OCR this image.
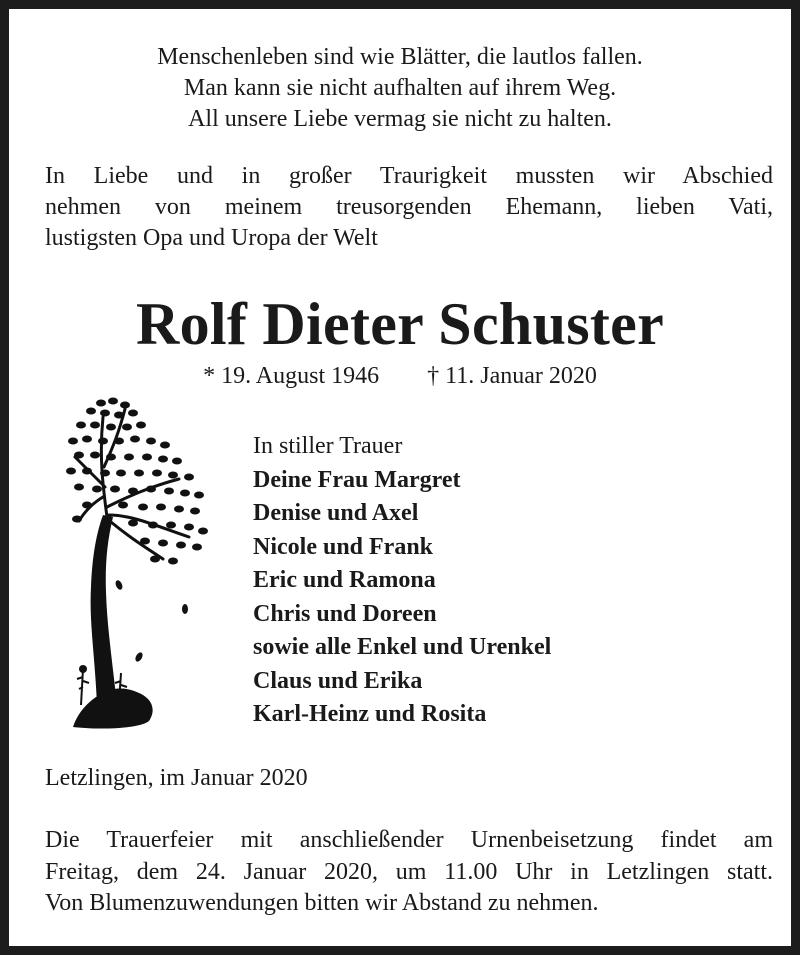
Menschenleben sind wie Blätter, die lautlos fallen.
Man kann sie nicht aufhalten auf ihrem Weg.
All unsere Liebe vermag sie nicht zu halten.
In Liebe und in großer Traurigkeit mussten wir Abschied
nehmen von meinem treusorgenden Ehemann, lieben Vati,
lustigsten Opa und Uropa der Welt
Rolf Dieter Schuster
* 19. August 1946 † 11. Januar 2020
In stiller Trauer
Deine Frau Margret
Denise und Axel
Nicole und Frank
Eric und Ramona
Chris und Doreen
sowie alle Enkel und Urenkel
Claus und Erika
Karl-Heinz und Rosita
Letzlingen, im Januar 2020
Die Trauerfeier mit anschließender Urnenbeisetzung findet am
Freitag, dem 24. Januar 2020, um 11.00 Uhr in Letzlingen statt.
Von Blumenzuwendungen bitten wir Abstand zu nehmen.
